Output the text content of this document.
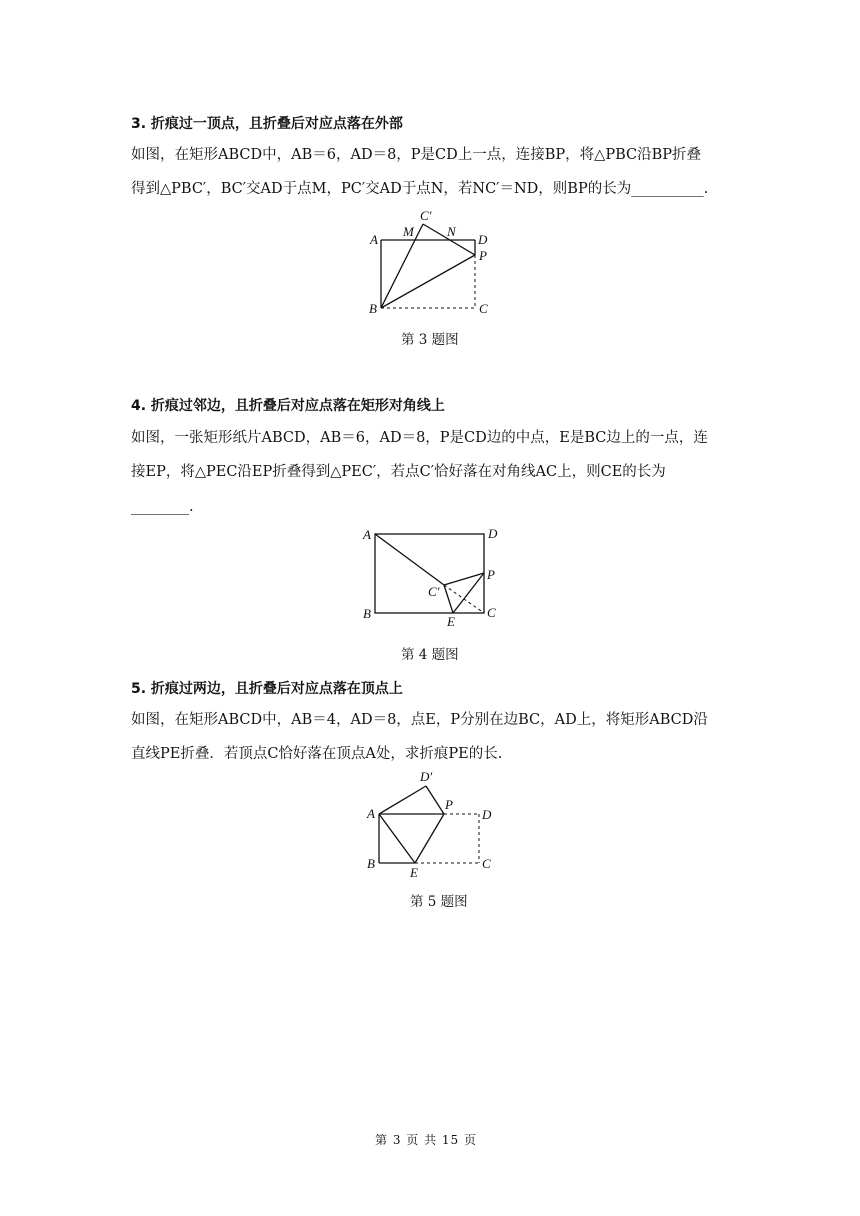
3. 折痕过一顶点，且折叠后对应点落在外部
如图，在矩形ABCD中，AB＝6，AD＝8，P是CD上一点，连接BP，将△PBC沿BP折叠
得到△PBC′，BC′交AD于点M，PC′交AD于点N，若NC′＝ND，则BP的长为__________.
A
M
C′
N
D
P
B	C
第 3 题图
4. 折痕过邻边，且折叠后对应点落在矩形对角线上
如图，一张矩形纸片ABCD，AB＝6，AD＝8，P是CD边的中点，E是BC边上的一点，连
接EP，将△PEC沿EP折叠得到△PEC′，若点C′恰好落在对角线AC上，则CE的长为
________.
A	D
P
C′
B
E
C
第 4 题图
5. 折痕过两边，且折叠后对应点落在顶点上
如图，在矩形ABCD中，AB＝4，AD＝8，点E，P分别在边BC，AD上，将矩形ABCD沿
直线PE折叠．若顶点C恰好落在顶点A处，求折痕PE的长.
D′
A
P
D
B
E
C
第 5 题图
第 3 页 共 15 页
